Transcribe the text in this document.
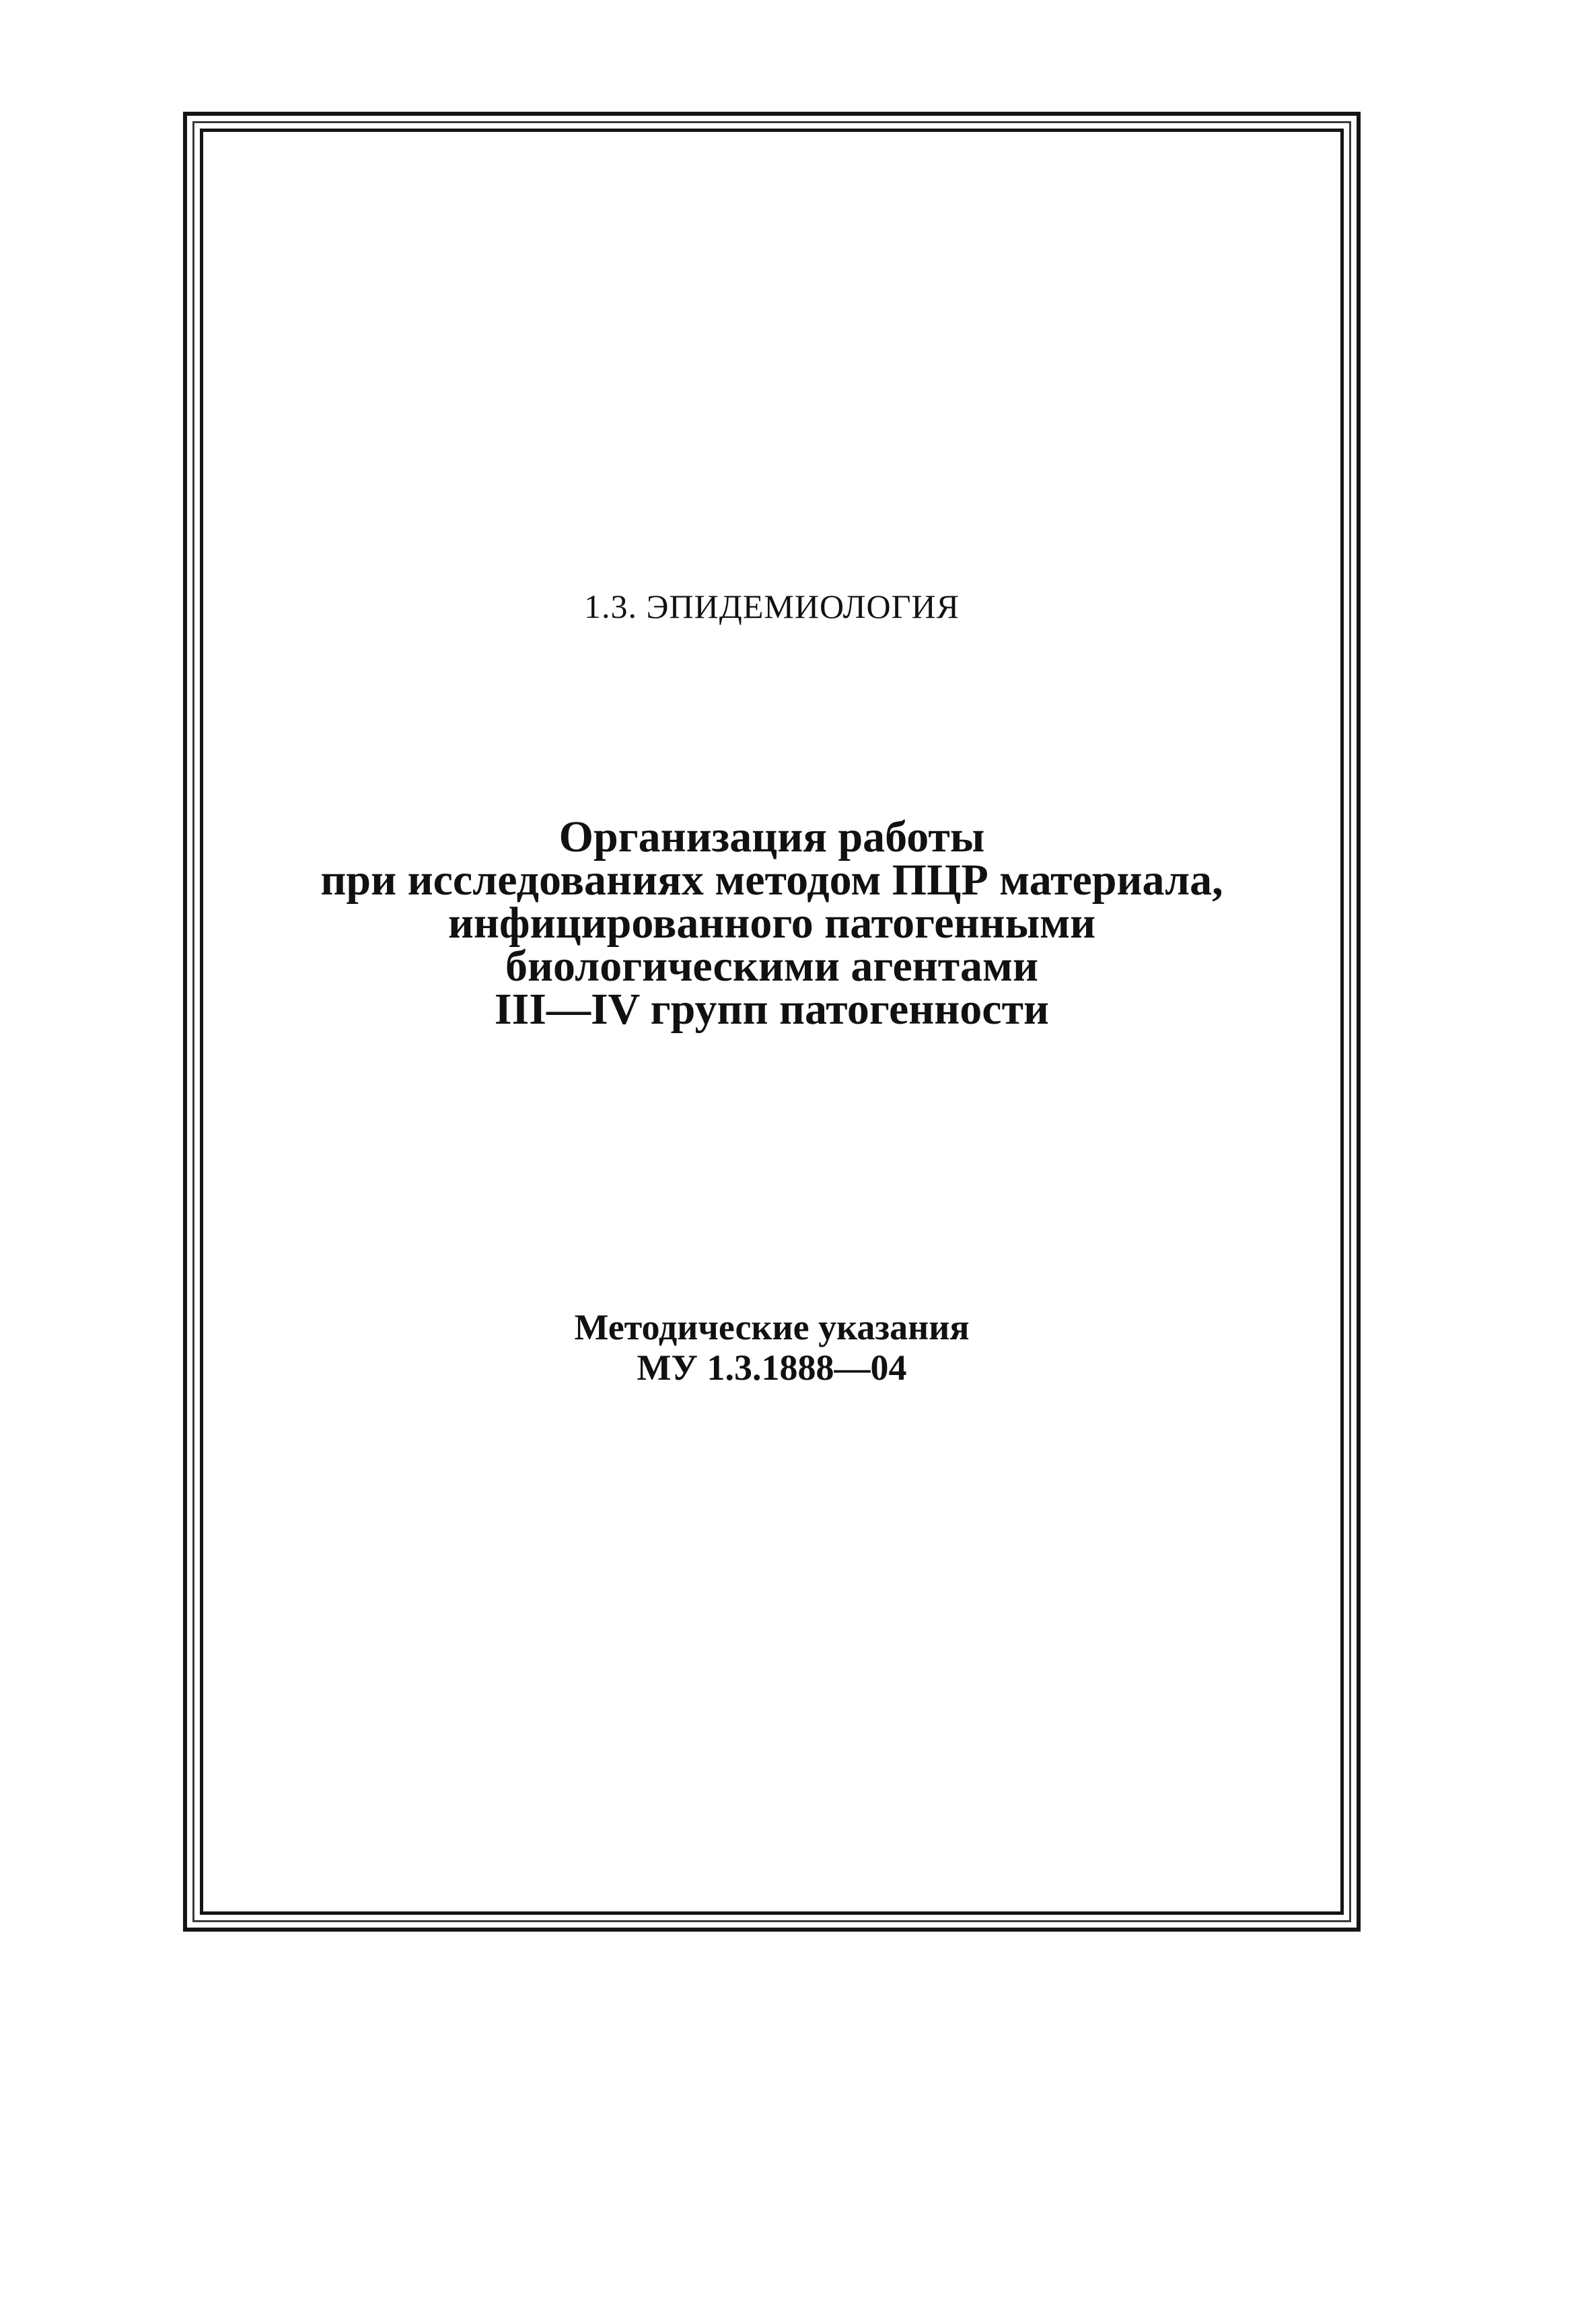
1.3. ЭПИДЕМИОЛОГИЯ
Организация работы
при исследованиях методом ПЦР материала,
инфицированного патогенными
биологическими агентами
III—IV групп патогенности
Методические указания
МУ 1.3.1888—04
